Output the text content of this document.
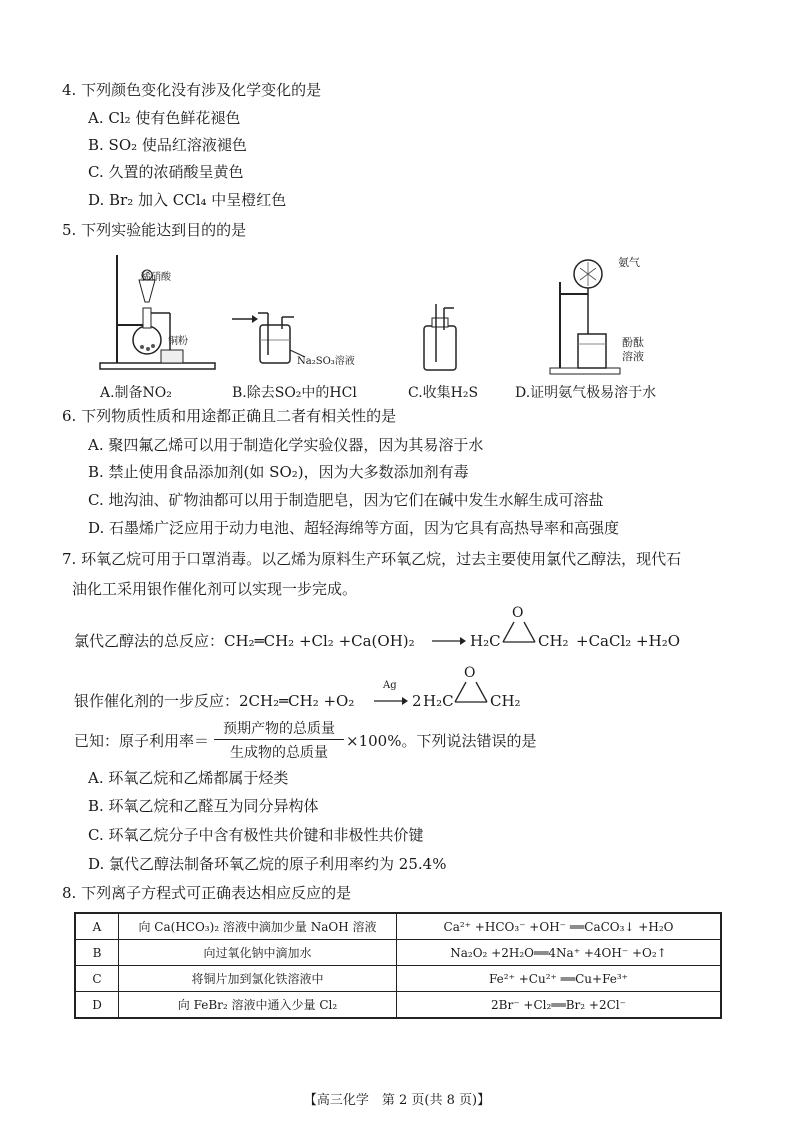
4. 下列颜色变化没有涉及化学变化的是
A. Cl₂ 使有色鲜花褪色
B. SO₂ 使品红溶液褪色
C. 久置的浓硝酸呈黄色
D. Br₂ 加入 CCl₄ 中呈橙红色
5. 下列实验能达到目的的是
稀硝酸
铜粉
Na₂SO₃溶液
氨气
酚酞
溶液
A.制备NO₂	B.除去SO₂中的HCl	C.收集H₂S	D.证明氨气极易溶于水
6. 下列物质性质和用途都正确且二者有相关性的是
A. 聚四氟乙烯可以用于制造化学实验仪器，因为其易溶于水
B. 禁止使用食品添加剂(如 SO₂)，因为大多数添加剂有毒
C. 地沟油、矿物油都可以用于制造肥皂，因为它们在碱中发生水解生成可溶盐
D. 石墨烯广泛应用于动力电池、超轻海绵等方面，因为它具有高热导率和高强度
7. 环氧乙烷可用于口罩消毒。以乙烯为原料生产环氧乙烷，过去主要使用氯代乙醇法，现代石
油化工采用银作催化剂可以实现一步完成。
氯代乙醇法的总反应：CH₂═CH₂ +Cl₂ +Ca(OH)₂	H₂C
O
CH₂ +CaCl₂ +H₂O
银作催化剂的一步反应：2CH₂═CH₂ +O₂
Ag
2 H₂C
O
CH₂
已知：原子利用率＝
预期产物的总质量
生成物的总质量
×100%。下列说法错误的是
A. 环氧乙烷和乙烯都属于烃类
B. 环氧乙烷和乙醛互为同分异构体
C. 环氧乙烷分子中含有极性共价键和非极性共价键
D. 氯代乙醇法制备环氧乙烷的原子利用率约为 25.4%
8. 下列离子方程式可正确表达相应反应的是
A	向 Ca(HCO₃)₂ 溶液中滴加少量 NaOH 溶液	Ca²⁺ +HCO₃⁻ +OH⁻ ══CaCO₃↓ +H₂O
B	向过氧化钠中滴加水	Na₂O₂ +2H₂O══4Na⁺ +4OH⁻ +O₂↑
C	将铜片加到氯化铁溶液中	Fe²⁺ +Cu²⁺ ══Cu+Fe³⁺
D	向 FeBr₂ 溶液中通入少量 Cl₂	2Br⁻ +Cl₂══Br₂ +2Cl⁻
【高三化学　第 2 页(共 8 页)】
